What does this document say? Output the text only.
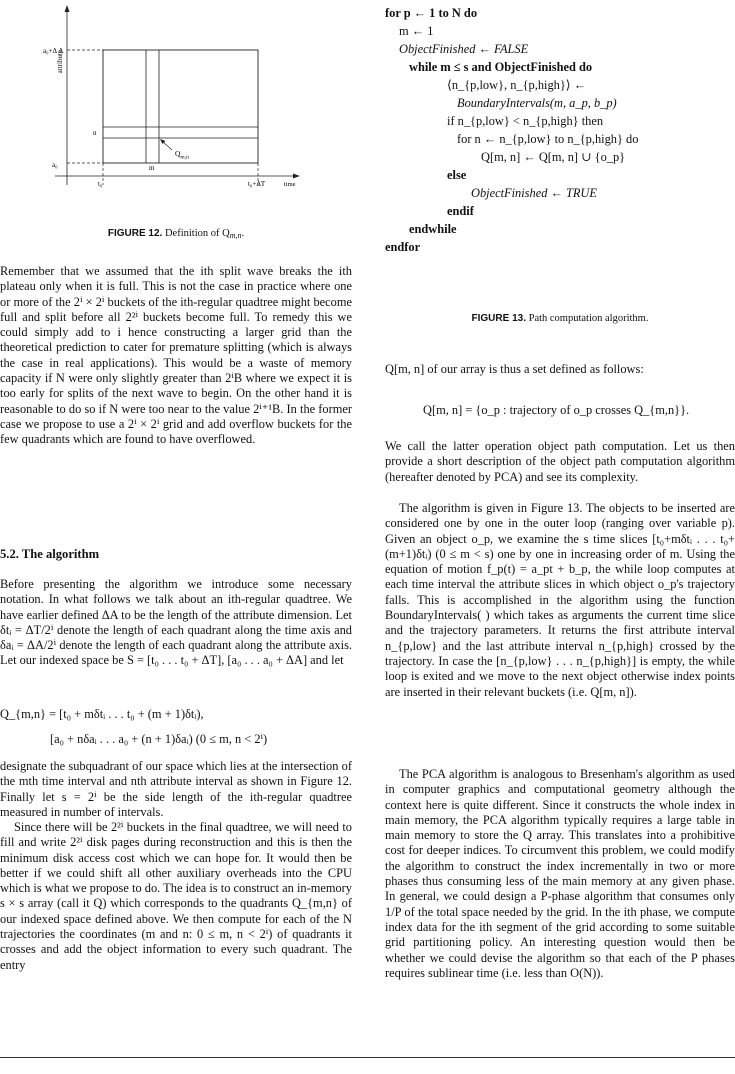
attribute
a₀+Δ A
n
a₀	m
t₀	t₀+ΔT	time
$Q_{m,n}$
FIGURE 12. Definition of Qm,n.

Remember that we assumed that the ith split wave breaks the ith plateau only when it is full. This is not the case in practice where one or more of the 2ⁱ × 2ⁱ buckets of the ith-regular quadtree might become full and split before all 2²ⁱ buckets become full. To remedy this we could simply add to i hence constructing a larger grid than the theoretical prediction to cater for premature splitting (which is always the case in real applications). This would be a waste of memory capacity if N were only slightly greater than 2ⁱB where we expect it is too early for splits of the next wave to begin. On the other hand it is reasonable to do so if N were too near to the value 2ⁱ⁺¹B. In the former case we propose to use a 2ⁱ × 2ⁱ grid and add overflow buckets for the few quadrants which are found to have overflowed.

5.2. The algorithm

Before presenting the algorithm we introduce some necessary notation. In what follows we talk about an ith-regular quadtree. We have earlier defined ΔA to be the length of the attribute dimension. Let δtᵢ = ΔT/2ⁱ denote the length of each quadrant along the time axis and δaᵢ = ΔA/2ⁱ denote the length of each quadrant along the attribute axis. Let our indexed space be S = [t₀ . . . t₀ + ΔT], [a₀ . . . a₀ + ΔA] and let

Q_{m,n} = [t₀ + mδtᵢ . . . t₀ + (m + 1)δtᵢ),
[a₀ + nδaᵢ . . . a₀ + (n + 1)δaᵢ) (0 ≤ m, n < 2ⁱ)

designate the subquadrant of our space which lies at the intersection of the mth time interval and nth attribute interval as shown in Figure 12. Finally let s = 2ⁱ be the side length of the ith-regular quadtree measured in number of intervals.

Since there will be 2²ⁱ buckets in the final quadtree, we will need to fill and write 2²ⁱ disk pages during reconstruction and this is then the minimum disk access cost which we can hope for. It would then be better if we could shift all other auxiliary overheads into the CPU which is what we propose to do. The idea is to construct an in-memory s × s array (call it Q) which corresponds to the quadrants Q_{m,n} of our indexed space defined above. We then compute for each of the N trajectories the coordinates (m and n: 0 ≤ m, n < 2ⁱ) of quadrants it crosses and add the object information to every such quadrant. The entry

for p ← 1 to N do
m ← 1
ObjectFinished ← FALSE
while m ≤ s and ObjectFinished do
⟨n_{p,low}, n_{p,high}⟩ ←
BoundaryIntervals(m, a_p, b_p)
if n_{p,low} < n_{p,high} then
for n ← n_{p,low} to n_{p,high} do
Q[m, n] ← Q[m, n] ∪ {o_p}
else
ObjectFinished ← TRUE
endif
endwhile
endfor
FIGURE 13. Path computation algorithm.

Q[m, n] of our array is thus a set defined as follows:

Q[m, n] = {o_p : trajectory of o_p crosses Q_{m,n}}.

We call the latter operation object path computation. Let us then provide a short description of the object path computation algorithm (hereafter denoted by PCA) and see its complexity.

The algorithm is given in Figure 13. The objects to be inserted are considered one by one in the outer loop (ranging over variable p). Given an object o_p, we examine the s time slices [t₀+mδtᵢ . . . t₀+(m+1)δtᵢ) (0 ≤ m < s) one by one in increasing order of m. Using the equation of motion f_p(t) = a_pt + b_p, the while loop computes at each time interval the attribute slices in which object o_p's trajectory falls. This is accomplished in the algorithm using the function BoundaryIntervals( ) which takes as arguments the current time slice and the trajectory parameters. It returns the first attribute interval n_{p,low} and the last attribute interval n_{p,high} crossed by the trajectory. In case the [n_{p,low} . . . n_{p,high}] is empty, the while loop is exited and we move to the next object otherwise index points are inserted in their relevant buckets (i.e. Q[m, n]).

The PCA algorithm is analogous to Bresenham's algorithm as used in computer graphics and computational geometry although the context here is quite different. Since it constructs the whole index in main memory, the PCA algorithm typically requires a large table in main memory to store the Q array. This translates into a prohibitive cost for deeper indices. To circumvent this problem, we could modify the algorithm to construct the index incrementally in two or more phases thus consuming less of the main memory at any given phase. In general, we could design a P-phase algorithm that consumes only 1/P of the total space needed by the grid. In the ith phase, we compute index data for the ith segment of the grid according to some suitable grid partitioning policy. An interesting question would then be whether we could devise the algorithm so that each of the P phases requires sublinear time (i.e. less than O(N)).
